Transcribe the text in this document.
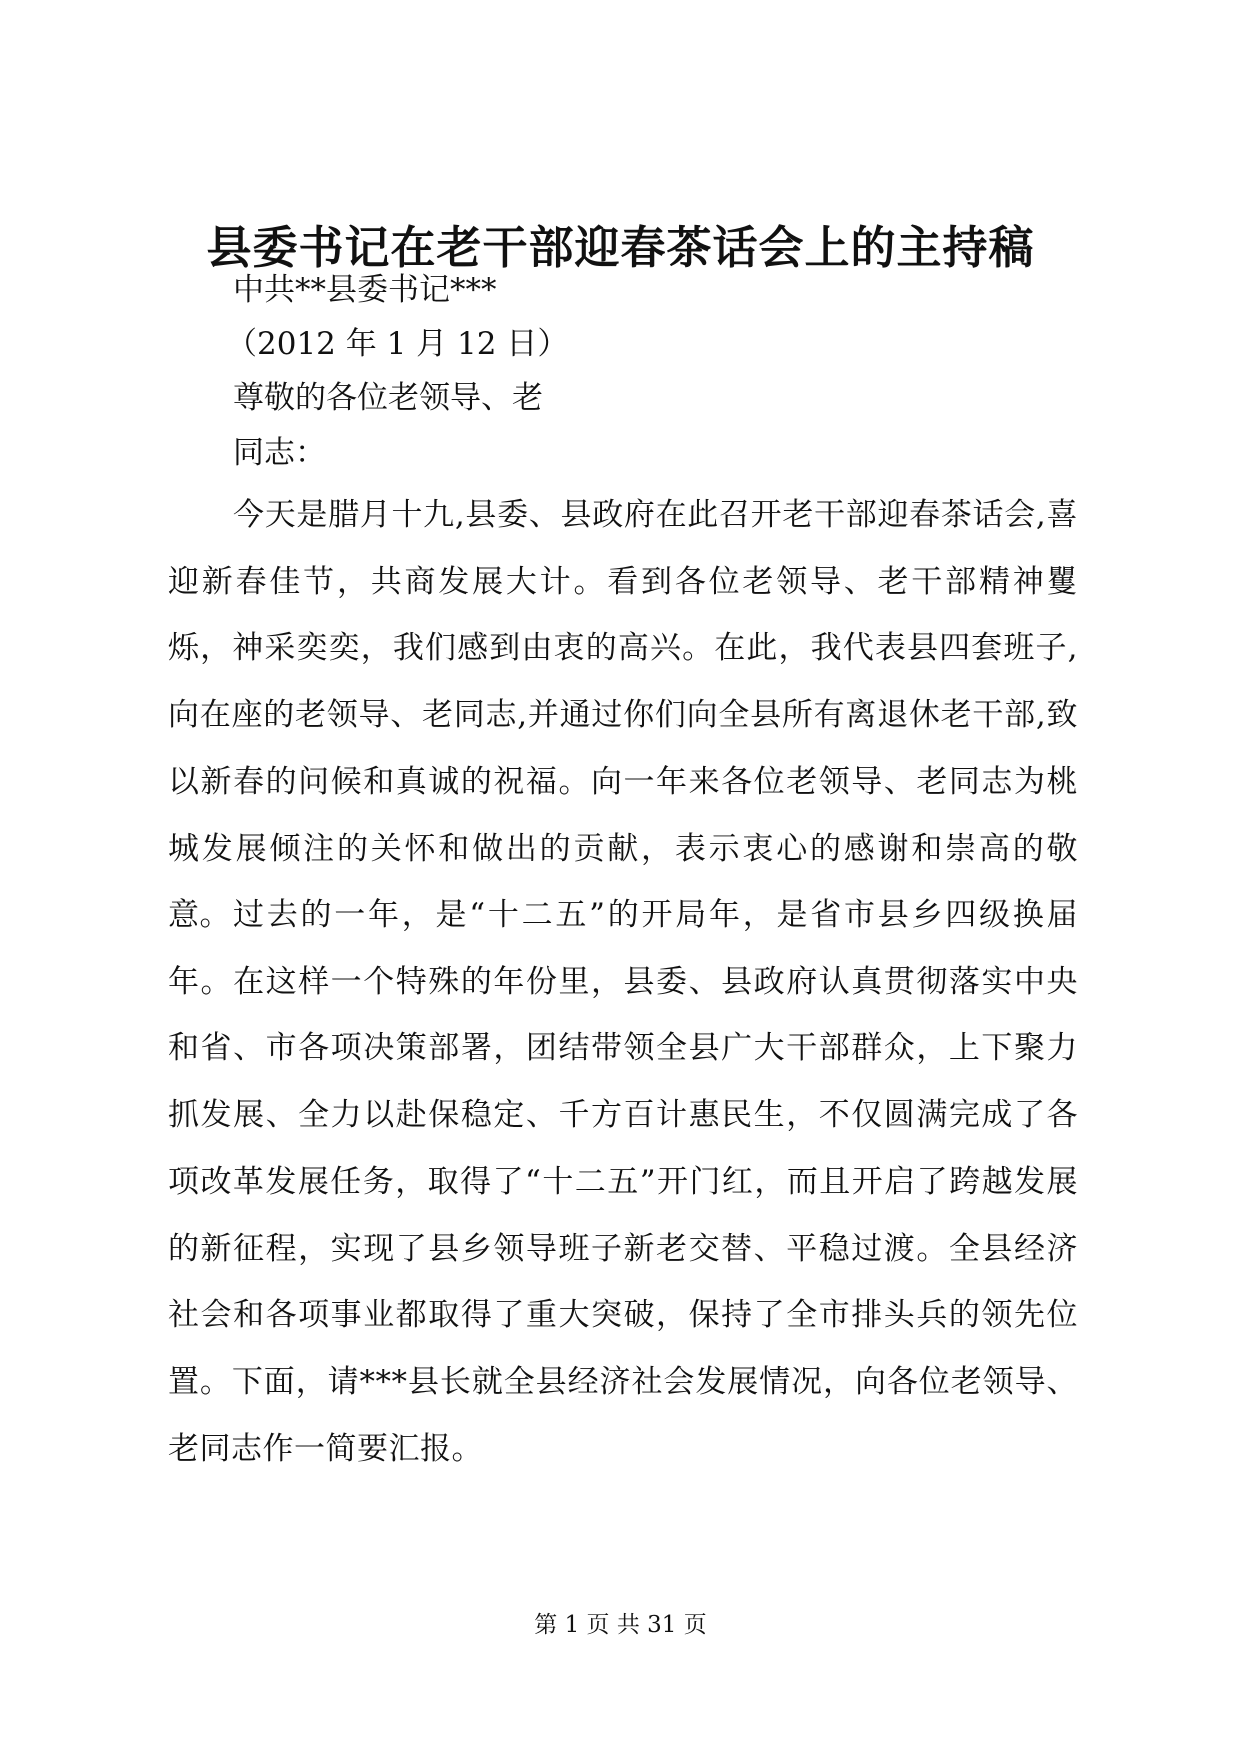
县委书记在老干部迎春茶话会上的主持稿
中共**县委书记***
（2012 年 1 月 12 日）
尊敬的各位老领导、老
同志：
今天是腊月十九,县委、县政府在此召开老干部迎春茶话会,喜迎新春佳节，共商发展大计。看到各位老领导、老干部精神矍烁，神采奕奕，我们感到由衷的高兴。在此，我代表县四套班子,向在座的老领导、老同志,并通过你们向全县所有离退休老干部,致以新春的问候和真诚的祝福。向一年来各位老领导、老同志为桃城发展倾注的关怀和做出的贡献，表示衷心的感谢和崇高的敬意。 过去的一年，是“十二五”的开局年，是省市县乡四级换届年。在这样一个特殊的年份里，县委、县政府认真贯彻落实中央和省、市各项决策部署，团结带领全县广大干部群众，上下聚力抓发展、全力以赴保稳定、千方百计惠民生，不仅圆满完成了各项改革发展任务，取得了“十二五”开门红，而且开启了跨越发展的新征程，实现了县乡领导班子新老交替、平稳过渡。全县经济社会和各项事业都取得了重大突破，保持了全市排头兵的领先位置。下面，请***县长就全县经济社会发展情况，向各位老领导、老同志作一简要汇报。
第 1 页 共 31 页
